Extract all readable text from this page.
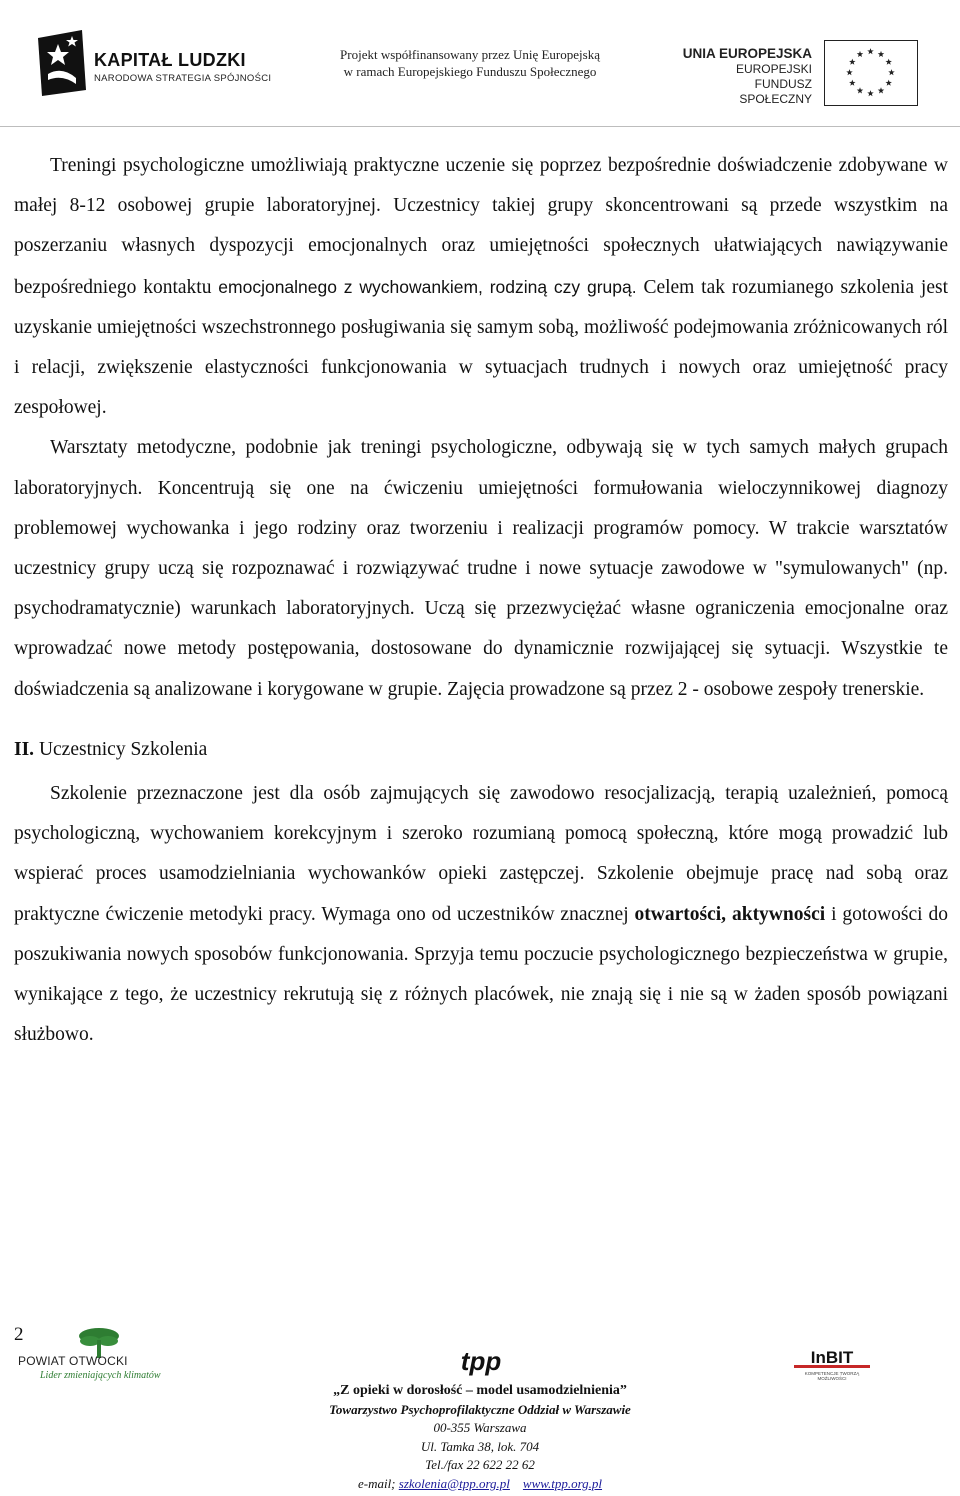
KAPITAŁ LUDZKI
NARODOWA STRATEGIA SPÓJNOŚCI
Projekt współfinansowany przez Unię Europejską
w ramach Europejskiego Funduszu Społecznego
UNIA EUROPEJSKA
EUROPEJSKI
FUNDUSZ SPOŁECZNY

Treningi psychologiczne umożliwiają praktyczne uczenie się poprzez bezpośrednie doświadczenie zdobywane w małej 8-12 osobowej grupie laboratoryjnej. Uczestnicy takiej grupy skoncentrowani są przede wszystkim na poszerzaniu własnych dyspozycji emocjonalnych oraz umiejętności społecznych ułatwiających nawiązywanie bezpośredniego kontaktu emocjonalnego z wychowankiem, rodziną czy grupą. Celem tak rozumianego szkolenia jest uzyskanie umiejętności wszechstronnego posługiwania się samym sobą, możliwość podejmowania zróżnicowanych ról i relacji, zwiększenie elastyczności funkcjonowania w sytuacjach trudnych i nowych oraz umiejętność pracy zespołowej.

Warsztaty metodyczne, podobnie jak treningi psychologiczne, odbywają się w tych samych małych grupach laboratoryjnych. Koncentrują się one na ćwiczeniu umiejętności formułowania wieloczynnikowej diagnozy problemowej wychowanka i jego rodziny oraz tworzeniu i realizacji programów pomocy. W trakcie warsztatów uczestnicy grupy uczą się rozpoznawać i rozwiązywać trudne i nowe sytuacje zawodowe w "symulowanych" (np. psychodramatycznie) warunkach laboratoryjnych. Uczą się przezwyciężać własne ograniczenia emocjonalne oraz wprowadzać nowe metody postępowania, dostosowane do dynamicznie rozwijającej się sytuacji. Wszystkie te doświadczenia są analizowane i korygowane w grupie. Zajęcia prowadzone są przez 2 - osobowe zespoły trenerskie.

II. Uczestnicy Szkolenia

Szkolenie przeznaczone jest dla osób zajmujących się zawodowo resocjalizacją, terapią uzależnień, pomocą psychologiczną, wychowaniem korekcyjnym i szeroko rozumianą pomocą społeczną, które mogą prowadzić lub wspierać proces usamodzielniania wychowanków opieki zastępczej. Szkolenie obejmuje pracę nad sobą oraz praktyczne ćwiczenie metodyki pracy. Wymaga ono od uczestników znacznej otwartości, aktywności i gotowości do poszukiwania nowych sposobów funkcjonowania. Sprzyja temu poczucie psychologicznego bezpieczeństwa w grupie, wynikające z tego, że uczestnicy rekrutują się z różnych placówek, nie znają się i nie są w żaden sposób powiązani służbowo.

2
POWIAT OTWOCKI
Lider zmieniających klimatów	tpp	InBIT
KOMPETENCJE TWORZĄ MOŻLIWOŚCI
„Z opieki w dorosłość – model usamodzielnienia”
Towarzystwo Psychoprofilaktyczne Oddział w Warszawie
00-355 Warszawa
Ul. Tamka 38, lok. 704
Tel./fax 22 622 22 62
e-mail; szkolenia@tpp.org.pl www.tpp.org.pl
